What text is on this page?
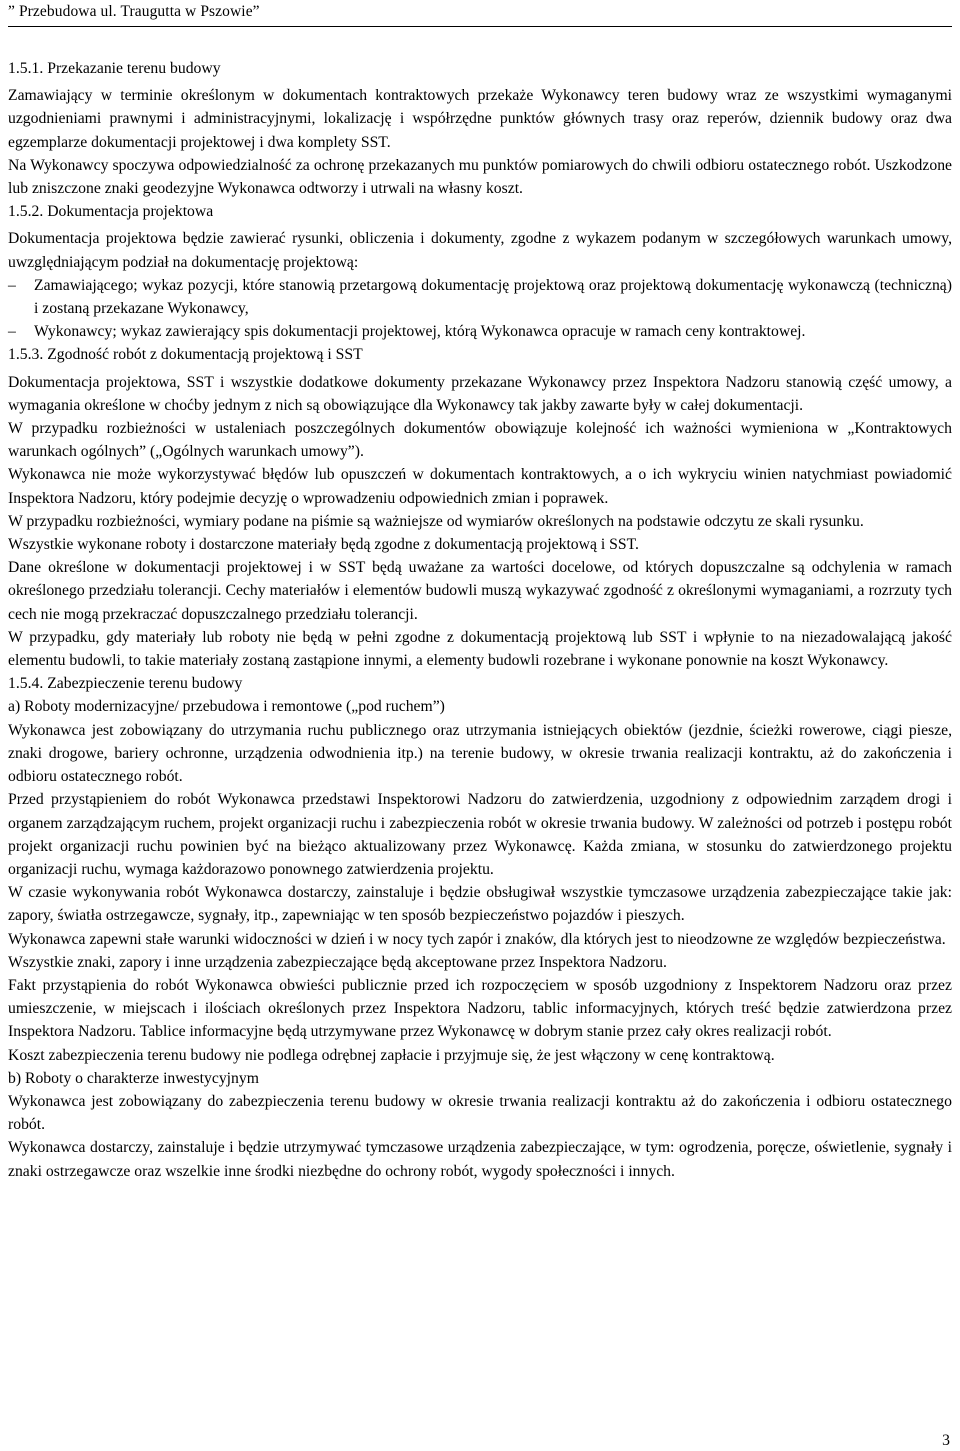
” Przebudowa ul. Traugutta w Pszowie”

1.5.1. Przekazanie terenu budowy

Zamawiający w terminie określonym w dokumentach kontraktowych przekaże Wykonawcy teren budowy wraz ze wszystkimi wymaganymi uzgodnieniami prawnymi i administracyjnymi, lokalizację i współrzędne punktów głównych trasy oraz reperów, dziennik budowy oraz dwa egzemplarze dokumentacji projektowej i dwa komplety SST.

Na Wykonawcy spoczywa odpowiedzialność za ochronę przekazanych mu punktów pomiarowych do chwili odbioru ostatecznego robót. Uszkodzone lub zniszczone znaki geodezyjne Wykonawca odtworzy i utrwali na własny koszt.

1.5.2. Dokumentacja projektowa

Dokumentacja projektowa będzie zawierać rysunki, obliczenia i dokumenty, zgodne z wykazem podanym w szczegółowych warunkach umowy, uwzględniającym podział na dokumentację projektową:

– Zamawiającego; wykaz pozycji, które stanowią przetargową dokumentację projektową oraz projektową dokumentację wykonawczą (techniczną) i zostaną przekazane Wykonawcy,
– Wykonawcy; wykaz zawierający spis dokumentacji projektowej, którą Wykonawca opracuje w ramach ceny kontraktowej.

1.5.3. Zgodność robót z dokumentacją projektową i SST

Dokumentacja projektowa, SST i wszystkie dodatkowe dokumenty przekazane Wykonawcy przez Inspektora Nadzoru stanowią część umowy, a wymagania określone w choćby jednym z nich są obowiązujące dla Wykonawcy tak jakby zawarte były w całej dokumentacji.

W przypadku rozbieżności w ustaleniach poszczególnych dokumentów obowiązuje kolejność ich ważności wymieniona w „Kontraktowych warunkach ogólnych” („Ogólnych warunkach umowy”).

Wykonawca nie może wykorzystywać błędów lub opuszczeń w dokumentach kontraktowych, a o ich wykryciu winien natychmiast powiadomić Inspektora Nadzoru, który podejmie decyzję o wprowadzeniu odpowiednich zmian i poprawek.

W przypadku rozbieżności, wymiary podane na piśmie są ważniejsze od wymiarów określonych na podstawie odczytu ze skali rysunku.

Wszystkie wykonane roboty i dostarczone materiały będą zgodne z dokumentacją projektową i SST.

Dane określone w dokumentacji projektowej i w SST będą uważane za wartości docelowe, od których dopuszczalne są odchylenia w ramach określonego przedziału tolerancji. Cechy materiałów i elementów budowli muszą wykazywać zgodność z określonymi wymaganiami, a rozrzuty tych cech nie mogą przekraczać dopuszczalnego przedziału tolerancji.

W przypadku, gdy materiały lub roboty nie będą w pełni zgodne z dokumentacją projektową lub SST i wpłynie to na niezadowalającą jakość elementu budowli, to takie materiały zostaną zastąpione innymi, a elementy budowli rozebrane i wykonane ponownie na koszt Wykonawcy.

1.5.4. Zabezpieczenie terenu budowy

a) Roboty modernizacyjne/ przebudowa i remontowe („pod ruchem”)

Wykonawca jest zobowiązany do utrzymania ruchu publicznego oraz utrzymania istniejących obiektów (jezdnie, ścieżki rowerowe, ciągi piesze, znaki drogowe, bariery ochronne, urządzenia odwodnienia itp.) na terenie budowy, w okresie trwania realizacji kontraktu, aż do zakończenia i odbioru ostatecznego robót.

Przed przystąpieniem do robót Wykonawca przedstawi Inspektorowi Nadzoru do zatwierdzenia, uzgodniony z odpowiednim zarządem drogi i organem zarządzającym ruchem, projekt organizacji ruchu i zabezpieczenia robót w okresie trwania budowy. W zależności od potrzeb i postępu robót projekt organizacji ruchu powinien być na bieżąco aktualizowany przez Wykonawcę. Każda zmiana, w stosunku do zatwierdzonego projektu organizacji ruchu, wymaga każdorazowo ponownego zatwierdzenia projektu.

W czasie wykonywania robót Wykonawca dostarczy, zainstaluje i będzie obsługiwał wszystkie tymczasowe urządzenia zabezpieczające takie jak: zapory, światła ostrzegawcze, sygnały, itp., zapewniając w ten sposób bezpieczeństwo pojazdów i pieszych.

Wykonawca zapewni stałe warunki widoczności w dzień i w nocy tych zapór i znaków, dla których jest to nieodzowne ze względów bezpieczeństwa.

Wszystkie znaki, zapory i inne urządzenia zabezpieczające będą akceptowane przez Inspektora Nadzoru.

Fakt przystąpienia do robót Wykonawca obwieści publicznie przed ich rozpoczęciem w sposób uzgodniony z Inspektorem Nadzoru oraz przez umieszczenie, w miejscach i ilościach określonych przez Inspektora Nadzoru, tablic informacyjnych, których treść będzie zatwierdzona przez Inspektora Nadzoru. Tablice informacyjne będą utrzymywane przez Wykonawcę w dobrym stanie przez cały okres realizacji robót.

Koszt zabezpieczenia terenu budowy nie podlega odrębnej zapłacie i przyjmuje się, że jest włączony w cenę kontraktową.

b) Roboty o charakterze inwestycyjnym

Wykonawca jest zobowiązany do zabezpieczenia terenu budowy w okresie trwania realizacji kontraktu aż do zakończenia i odbioru ostatecznego robót.

Wykonawca dostarczy, zainstaluje i będzie utrzymywać tymczasowe urządzenia zabezpieczające, w tym: ogrodzenia, poręcze, oświetlenie, sygnały i znaki ostrzegawcze oraz wszelkie inne środki niezbędne do ochrony robót, wygody społeczności i innych.

3
